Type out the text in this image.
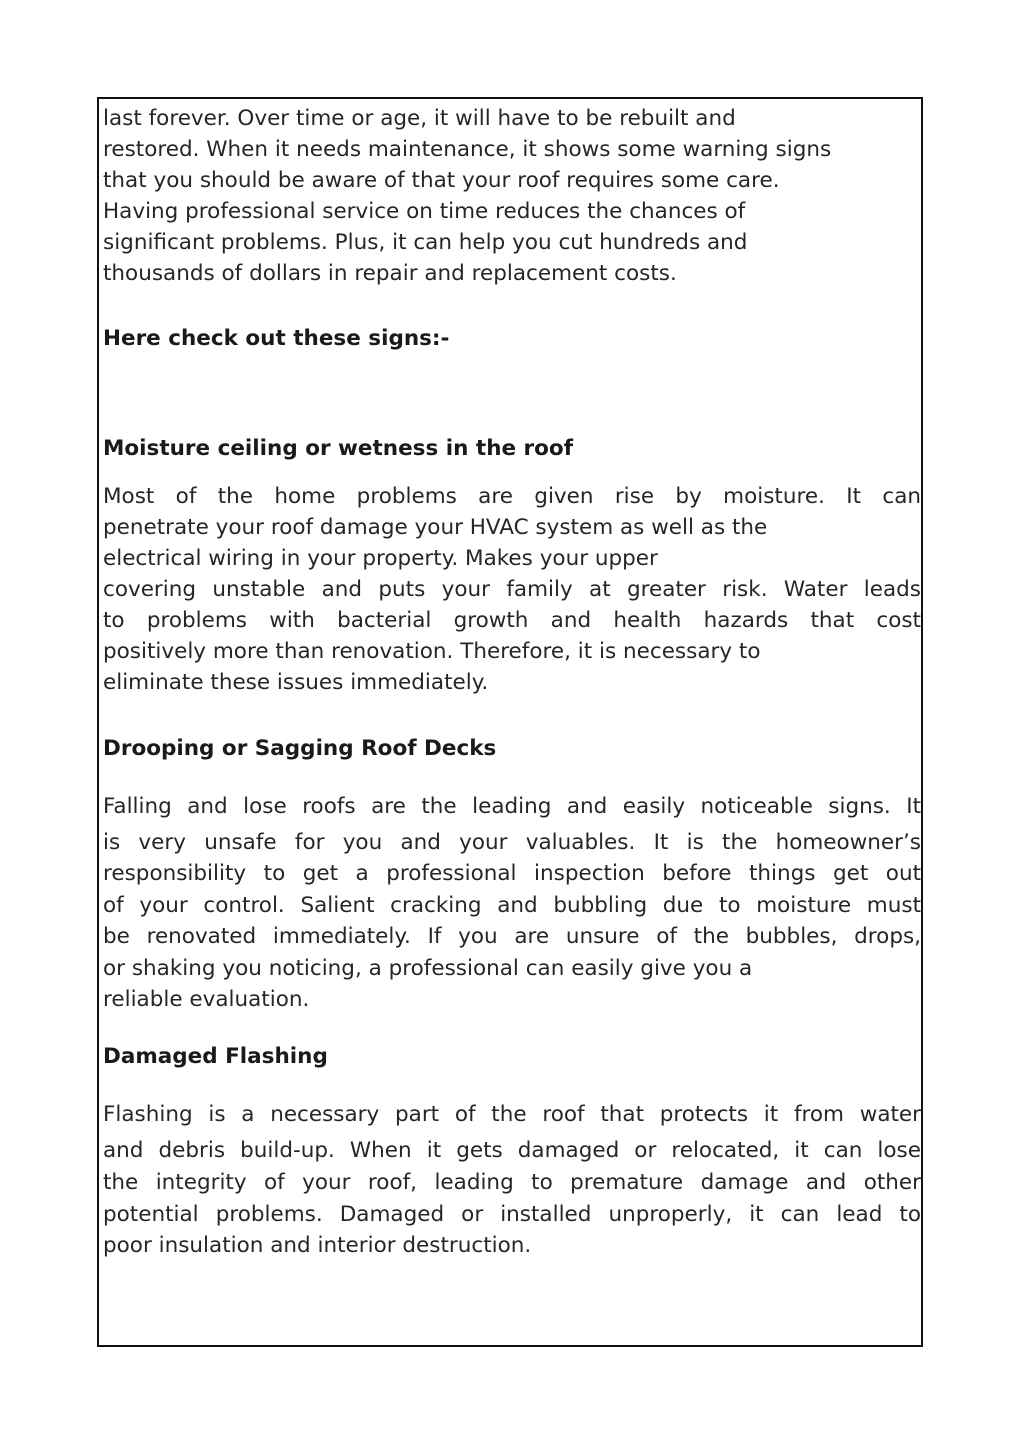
last forever. Over time or age, it will have to be rebuilt and
restored. When it needs maintenance, it shows some warning signs
that you should be aware of that your roof requires some care.
Having professional service on time reduces the chances of
significant problems. Plus, it can help you cut hundreds and
thousands of dollars in repair and replacement costs.
Here check out these signs:-
Moisture ceiling or wetness in the roof
Most of the home problems are given rise by moisture. It can
penetrate your roof damage your HVAC system as well as the
electrical wiring in your property. Makes your upper
covering unstable and puts your family at greater risk. Water leads
to problems with bacterial growth and health hazards that cost
positively more than renovation. Therefore, it is necessary to
eliminate these issues immediately.
Drooping or Sagging Roof Decks
Falling and lose roofs are the leading and easily noticeable signs. It
is very unsafe for you and your valuables. It is the homeowner’s
responsibility to get a professional inspection before things get out
of your control. Salient cracking and bubbling due to moisture must
be renovated immediately. If you are unsure of the bubbles, drops,
or shaking you noticing, a professional can easily give you a
reliable evaluation.
Damaged Flashing
Flashing is a necessary part of the roof that protects it from water
and debris build-up. When it gets damaged or relocated, it can lose
the integrity of your roof, leading to premature damage and other
potential problems. Damaged or installed unproperly, it can lead to
poor insulation and interior destruction.
